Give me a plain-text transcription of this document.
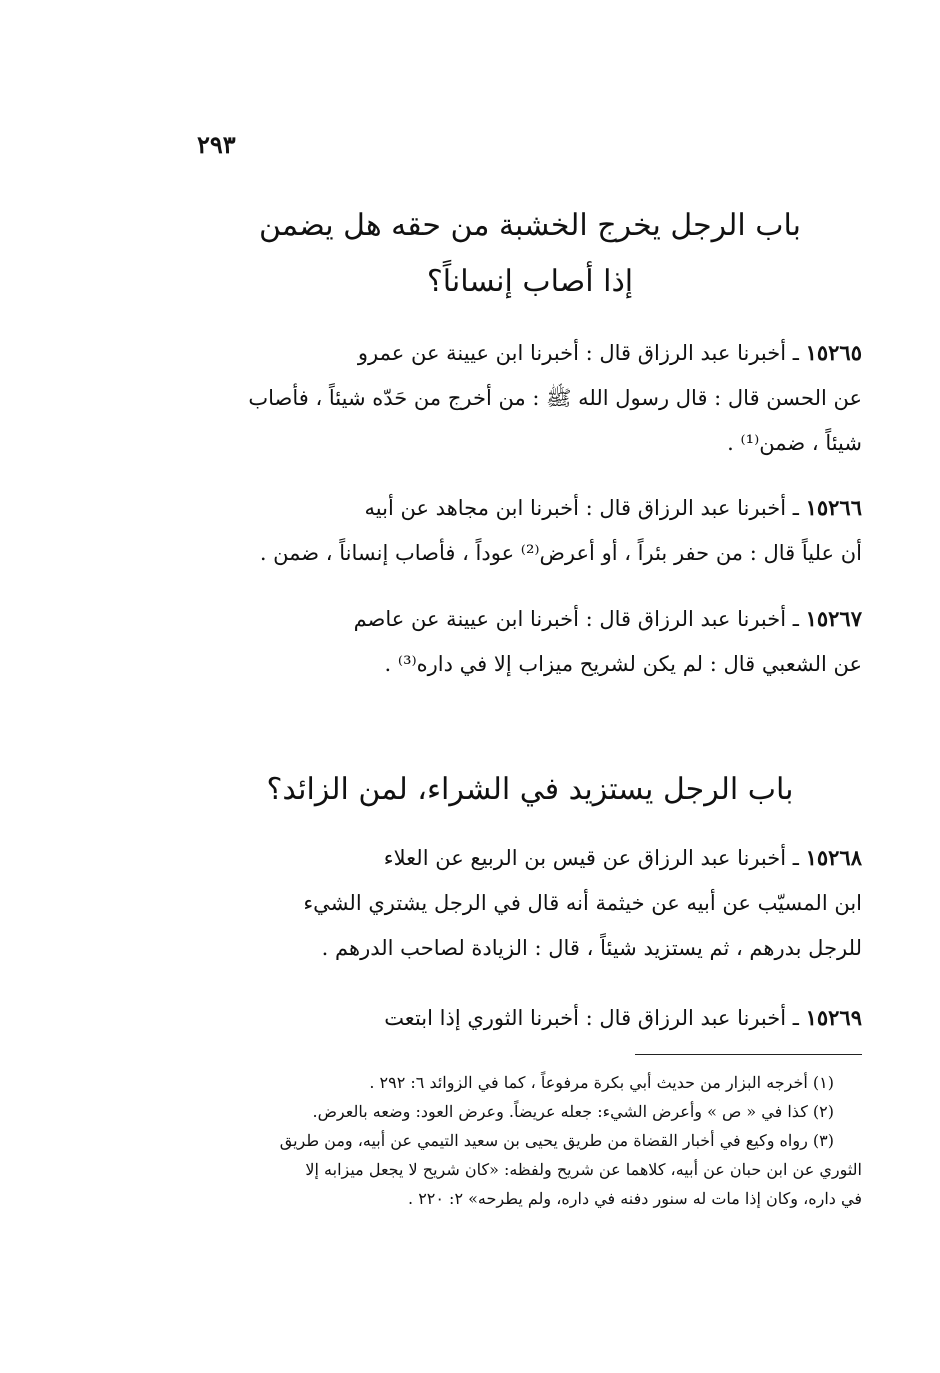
٢٩٣
باب الرجل يخرج الخشبة من حقه هل يضمن
إذا أصاب إنساناً؟
١٥٢٦٥ ـ أخبرنا عبد الرزاق قال : أخبرنا ابن عيينة عن عمرو
عن الحسن قال : قال رسول الله ﷺ : من أخرج من حَدّه شيئاً ، فأصاب
شيئاً ، ضمن⁽¹⁾ .
١٥٢٦٦ ـ أخبرنا عبد الرزاق قال : أخبرنا ابن مجاهد عن أبيه
أن علياً قال : من حفر بئراً ، أو أعرض⁽²⁾ عوداً ، فأصاب إنساناً ، ضمن .
١٥٢٦٧ ـ أخبرنا عبد الرزاق قال : أخبرنا ابن عيينة عن عاصم
عن الشعبي قال : لم يكن لشريح ميزاب إلا في داره⁽³⁾ .
باب الرجل يستزيد في الشراء، لمن الزائد؟
١٥٢٦٨ ـ أخبرنا عبد الرزاق عن قيس بن الربيع عن العلاء
ابن المسيّب عن أبيه عن خيثمة أنه قال في الرجل يشتري الشيء
للرجل بدرهم ، ثم يستزيد شيئاً ، قال : الزيادة لصاحب الدرهم .
١٥٢٦٩ ـ أخبرنا عبد الرزاق قال : أخبرنا الثوري إذا ابتعت
(١) أخرجه البزار من حديث أبي بكرة مرفوعاً ، كما في الزوائد ٦: ٢٩٢ .
(٢) كذا في « ص » وأعرض الشيء: جعله عريضاً. وعرض العود: وضعه بالعرض.
(٣) رواه وكيع في أخبار القضاة من طريق يحيى بن سعيد التيمي عن أبيه، ومن طريق
الثوري عن ابن حبان عن أبيه، كلاهما عن شريح ولفظه: «كان شريح لا يجعل ميزابه إلا
في داره، وكان إذا مات له سنور دفنه في داره، ولم يطرحه» ٢: ٢٢٠ .
